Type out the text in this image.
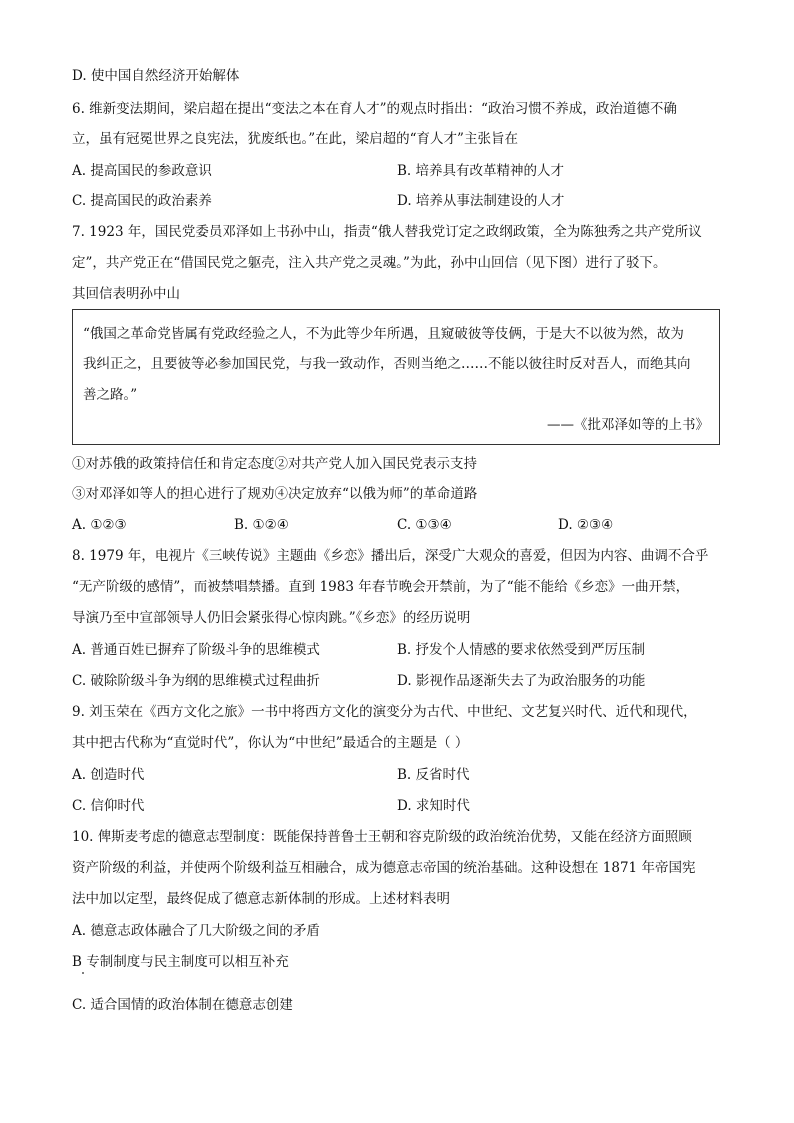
D. 使中国自然经济开始解体
6. 维新变法期间，梁启超在提出“变法之本在育人才”的观点时指出：“政治习惯不养成，政治道德不确
立，虽有冠冕世界之良宪法，犹废纸也。”在此，梁启超的“育人才”主张旨在
A. 提高国民的参政意识	B. 培养具有改革精神的人才
C. 提高国民的政治素养	D. 培养从事法制建设的人才
7. 1923 年，国民党委员邓泽如上书孙中山，指责“俄人替我党订定之政纲政策，全为陈独秀之共产党所议
定”，共产党正在“借国民党之躯壳，注入共产党之灵魂。”为此，孙中山回信（见下图）进行了驳下。
其回信表明孙中山
“俄国之革命党皆属有党政经验之人，不为此等少年所遇，且窥破彼等伎俩，于是大不以彼为然，故为
我纠正之，且要彼等必参加国民党，与我一致动作，否则当绝之……不能以彼往时反对吾人，而绝其向
善之路。”
——《批邓泽如等的上书》
①对苏俄的政策持信任和肯定态度②对共产党人加入国民党表示支持
③对邓泽如等人的担心进行了规劝④决定放弃“以俄为师”的革命道路
A. ①②③	B. ①②④	C. ①③④	D. ②③④
8. 1979 年，电视片《三峡传说》主题曲《乡恋》播出后，深受广大观众的喜爱，但因为内容、曲调不合乎
“无产阶级的感情”，而被禁唱禁播。直到 1983 年春节晚会开禁前，为了“能不能给《乡恋》一曲开禁，
导演乃至中宣部领导人仍旧会紧张得心惊肉跳。”《乡恋》的经历说明
A. 普通百姓已摒弃了阶级斗争的思维模式	B. 抒发个人情感的要求依然受到严厉压制
C. 破除阶级斗争为纲的思维模式过程曲折	D. 影视作品逐渐失去了为政治服务的功能
9. 刘玉荣在《西方文化之旅》一书中将西方文化的演变分为古代、中世纪、文艺复兴时代、近代和现代，
其中把古代称为“直觉时代”，你认为“中世纪”最适合的主题是（ ）
A. 创造时代	B. 反省时代
C. 信仰时代	D. 求知时代
10. 俾斯麦考虑的德意志型制度：既能保持普鲁士王朝和容克阶级的政治统治优势，又能在经济方面照顾
资产阶级的利益，并使两个阶级利益互相融合，成为德意志帝国的统治基础。这种设想在 1871 年帝国宪
法中加以定型，最终促成了德意志新体制的形成。上述材料表明
A. 德意志政体融合了几大阶级之间的矛盾
B 专制制度与民主制度可以相互补充
C. 适合国情的政治体制在德意志创建
